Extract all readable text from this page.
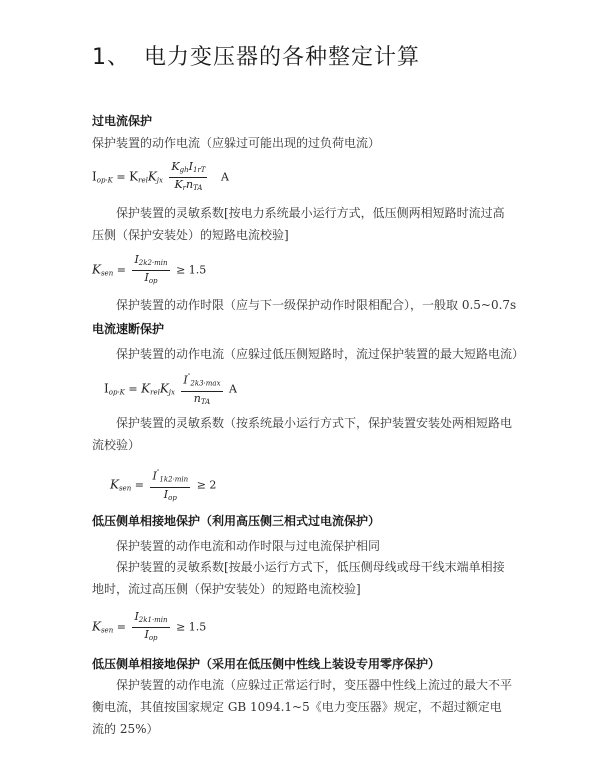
1、 电力变压器的各种整定计算
过电流保护
保护装置的动作电流（应躲过可能出现的过负荷电流）
$I_{op\cdot K} = K_{rel}K_{jx} \frac{K_{gh}I_{1rT}}{K_rn_{TA}}$ A
保护装置的灵敏系数[按电力系统最小运行方式，低压侧两相短路时流过高压侧（保护安装处）的短路电流校验]
$K_{sen} = \frac{I_{2k2\cdot min}}{I_{op}} \ge 1.5$
保护装置的动作时限（应与下一级保护动作时限相配合），一般取 0.5~0.7s
电流速断保护
保护装置的动作电流（应躲过低压侧短路时，流过保护装置的最大短路电流）
$I_{op\cdot K} = K_{rel}K_{jx} \frac{I''_{2k3\cdot max}}{n_{TA}}$ A
保护装置的灵敏系数（按系统最小运行方式下，保护装置安装处两相短路电流校验）
$K_{sen} = \frac{I''_{1k2\cdot min}}{I_{op}} \ge 2$
低压侧单相接地保护（利用高压侧三相式过电流保护）
保护装置的动作电流和动作时限与过电流保护相同
保护装置的灵敏系数[按最小运行方式下，低压侧母线或母干线末端单相接地时，流过高压侧（保护安装处）的短路电流校验]
$K_{sen} = \frac{I_{2k1\cdot min}}{I_{op}} \ge 1.5$
低压侧单相接地保护（采用在低压侧中性线上装设专用零序保护）
保护装置的动作电流（应躲过正常运行时，变压器中性线上流过的最大不平衡电流，其值按国家规定 GB 1094.1~5《电力变压器》规定，不超过额定电流的 25%）
